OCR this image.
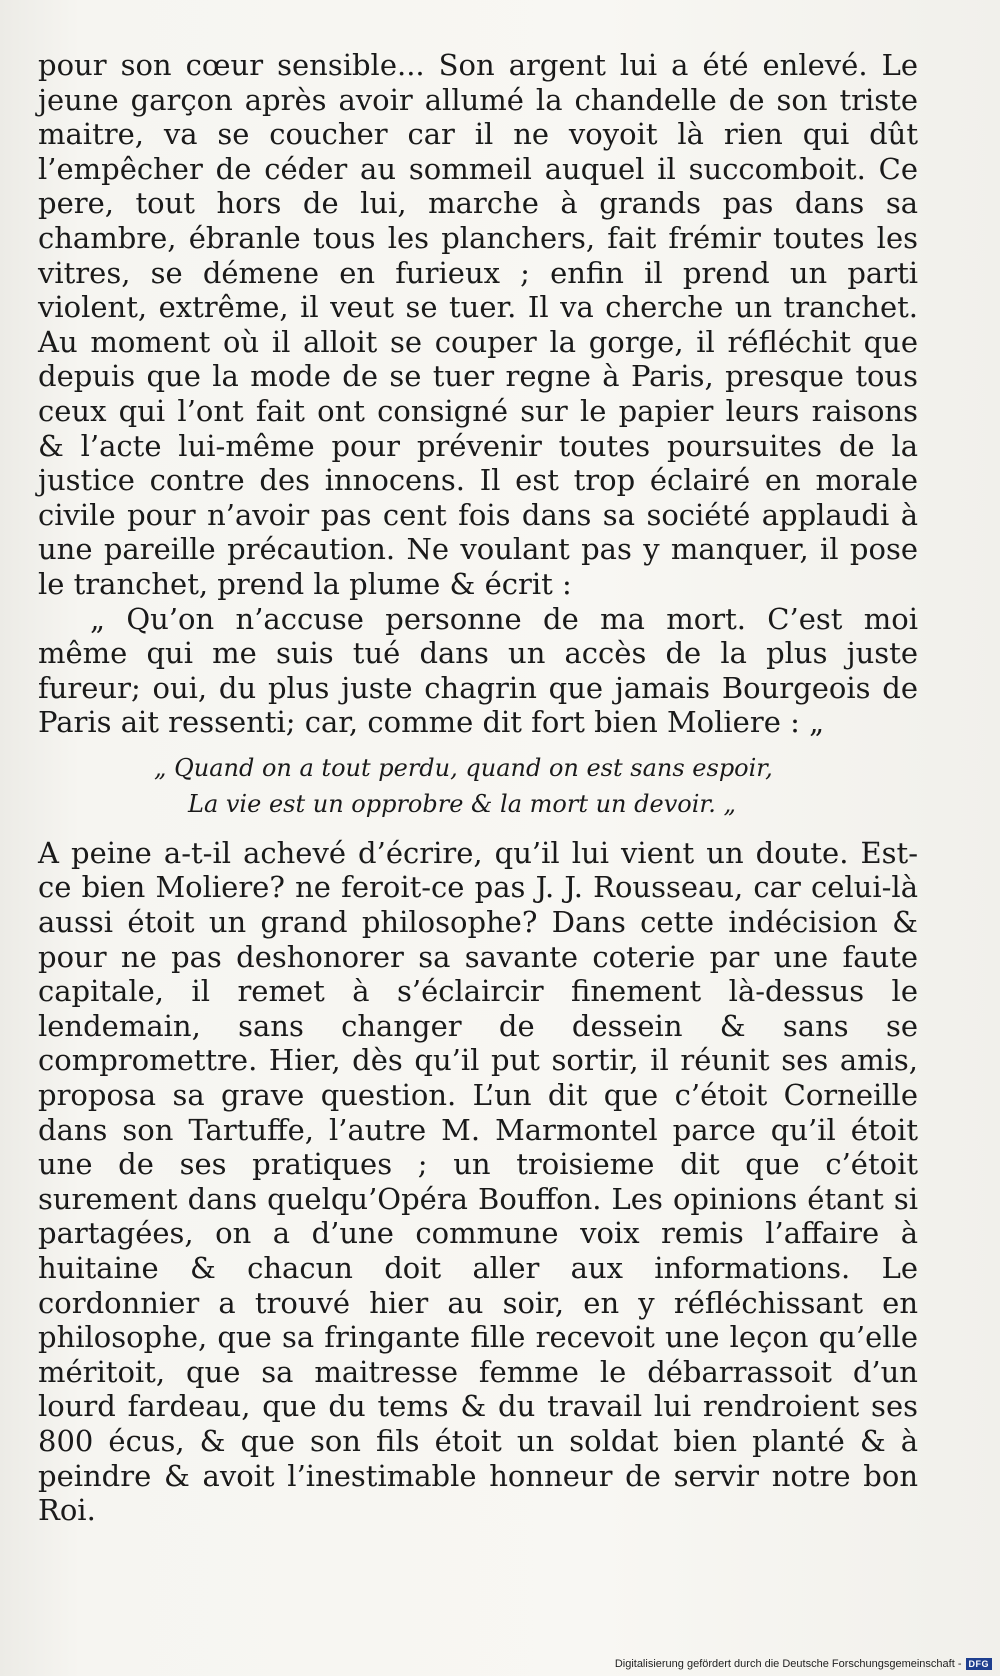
pour son cœur sensible... Son argent lui a été enlevé. Le jeune garçon après avoir allumé la chandelle de son triste maitre, va se coucher car il ne voyoit là rien qui dût l’empêcher de céder au sommeil auquel il succomboit. Ce pere, tout hors de lui, marche à grands pas dans sa chambre, ébranle tous les planchers, fait frémir toutes les vitres, se démene en furieux ; enfin il prend un parti violent, extrême, il veut se tuer. Il va cherche un tranchet. Au moment où il alloit se couper la gorge, il réfléchit que depuis que la mode de se tuer regne à Paris, presque tous ceux qui l’ont fait ont consigné sur le papier leurs raisons & l’acte lui-même pour prévenir toutes poursuites de la justice contre des innocens. Il est trop éclairé en morale civile pour n’avoir pas cent fois dans sa société applaudi à une pareille précaution. Ne voulant pas y manquer, il pose le tranchet, prend la plume & écrit :

„ Qu’on n’accuse personne de ma mort. C’est moi même qui me suis tué dans un accès de la plus juste fureur; oui, du plus juste chagrin que jamais Bourgeois de Paris ait ressenti; car, comme dit fort bien Moliere : „

„ Quand on a tout perdu, quand on est sans espoir,
La vie est un opprobre & la mort un devoir. „

A peine a-t-il achevé d’écrire, qu’il lui vient un doute. Est-ce bien Moliere? ne feroit-ce pas J. J. Rousseau, car celui-là aussi étoit un grand philosophe? Dans cette indécision & pour ne pas deshonorer sa savante coterie par une faute capitale, il remet à s’éclaircir finement là-dessus le lendemain, sans changer de dessein & sans se compromettre. Hier, dès qu’il put sortir, il réunit ses amis, proposa sa grave question. L’un dit que c’étoit Corneille dans son Tartuffe, l’autre M. Marmontel parce qu’il étoit une de ses pratiques ; un troisieme dit que c’étoit surement dans quelqu’Opéra Bouffon. Les opinions étant si partagées, on a d’une commune voix remis l’affaire à huitaine & chacun doit aller aux informations. Le cordonnier a trouvé hier au soir, en y réfléchissant en philosophe, que sa fringante fille recevoit une leçon qu’elle méritoit, que sa maitresse femme le débarrassoit d’un lourd fardeau, que du tems & du travail lui rendroient ses 800 écus, & que son fils étoit un soldat bien planté & à peindre & avoit l’inestimable honneur de servir notre bon Roi.

Digitalisierung gefördert durch die Deutsche Forschungsgemeinschaft - DFG
